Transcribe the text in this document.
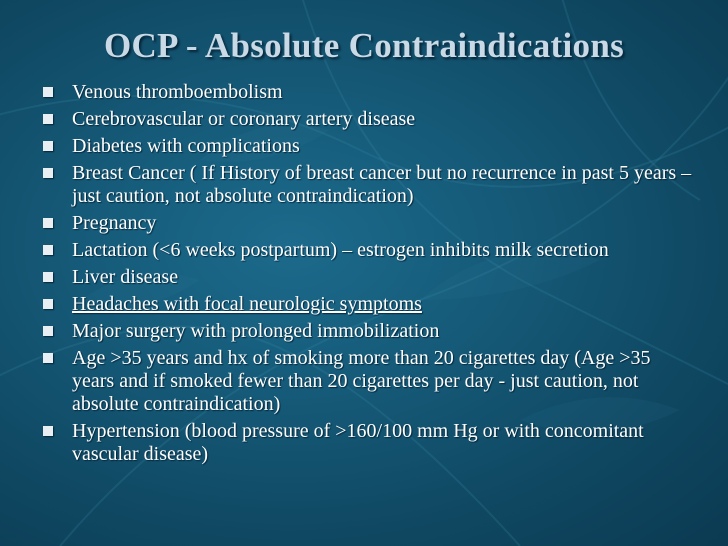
OCP - Absolute Contraindications
Venous thromboembolism
Cerebrovascular or coronary artery disease
Diabetes with complications
Breast Cancer ( If History of breast cancer but no recurrence in past 5 years – just caution, not absolute contraindication)
Pregnancy
Lactation (<6 weeks postpartum) – estrogen inhibits milk secretion
Liver disease
Headaches with focal neurologic symptoms
Major surgery with prolonged immobilization
Age >35 years and hx of smoking more than 20 cigarettes day (Age >35 years and if smoked fewer than 20 cigarettes per day - just caution, not absolute contraindication)
Hypertension (blood pressure of >160/100 mm Hg or with concomitant vascular disease)
